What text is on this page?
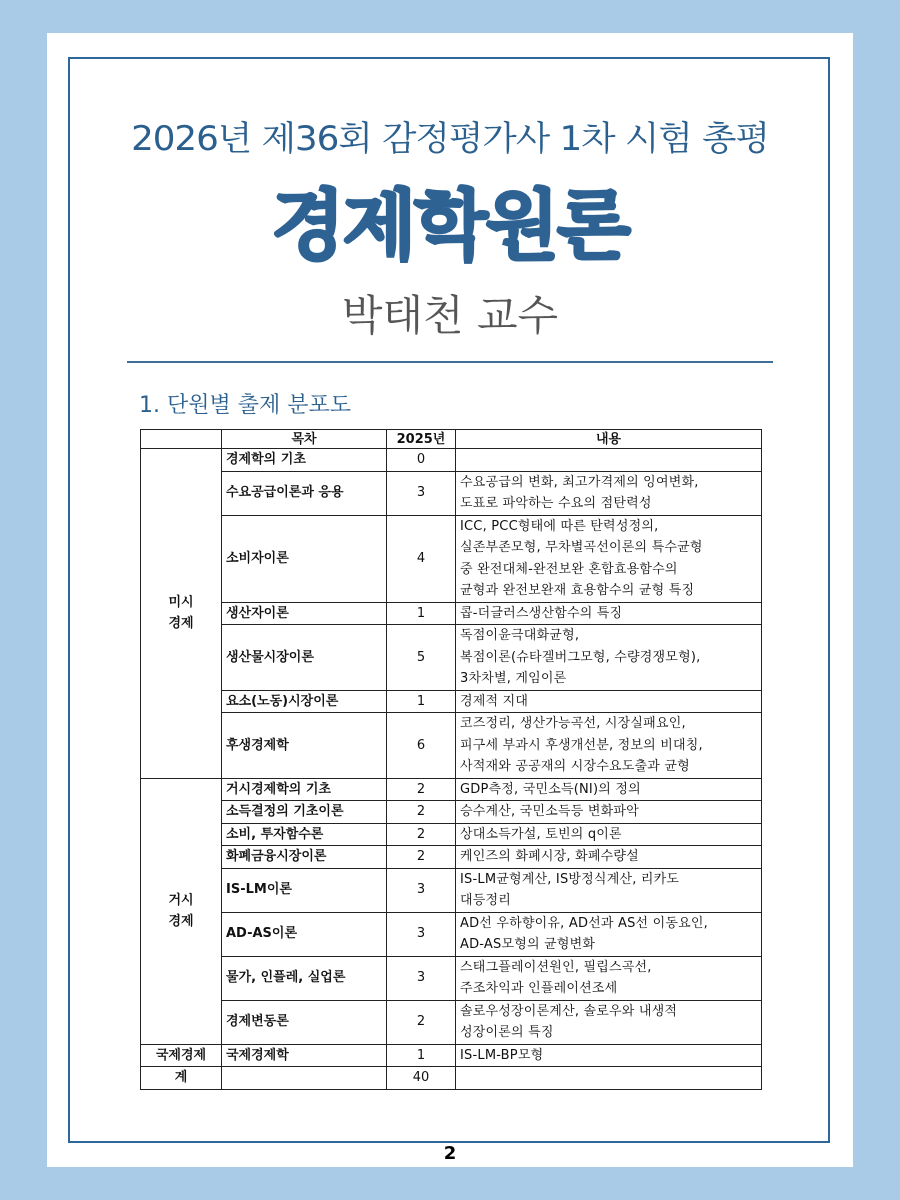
2026년 제36회 감정평가사 1차 시험 총평
경제학원론
박태천 교수
1. 단원별 출제 분포도
	목차	2025년	내용

미시
경제	경제학의 기초	0	
	수요공급이론과 응용	3	수요공급의 변화, 최고가격제의 잉여변화,
도표로 파악하는 수요의 점탄력성

	소비자이론	4	ICC, PCC형태에 따른 탄력성정의,
실존부존모형, 무차별곡선이론의 특수균형
중 완전대체-완전보완 혼합효용함수의
균형과 완전보완재 효용함수의 균형 특징

	생산자이론	1	콥-더글러스생산함수의 특징

	생산물시장이론	5	독점이윤극대화균형,
복점이론(슈타겔버그모형, 수량경쟁모형),
3차차별, 게임이론

	요소(노동)시장이론	1	경제적 지대

	후생경제학	6	코즈정리, 생산가능곡선, 시장실패요인,
피구세 부과시 후생개선분, 정보의 비대칭,
사적재와 공공재의 시장수요도출과 균형

거시
경제	거시경제학의 기초	2	GDP측정, 국민소득(NI)의 정의

	소득결정의 기초이론	2	승수계산, 국민소득등 변화파악

	소비, 투자함수론	2	상대소득가설, 토빈의 q이론

	화폐금융시장이론	2	케인즈의 화폐시장, 화폐수량설

	IS-LM이론	3	IS-LM균형계산, IS방정식계산, 리카도
대등정리

	AD-AS이론	3	AD선 우하향이유, AD선과 AS선 이동요인,
AD-AS모형의 균형변화

	물가, 인플레, 실업론	3	스태그플레이션원인, 필립스곡선,
주조차익과 인플레이션조세

	경제변동론	2	솔로우성장이론계산, 솔로우와 내생적
성장이론의 특징

국제경제	국제경제학	1	IS-LM-BP모형
계		40	
2
